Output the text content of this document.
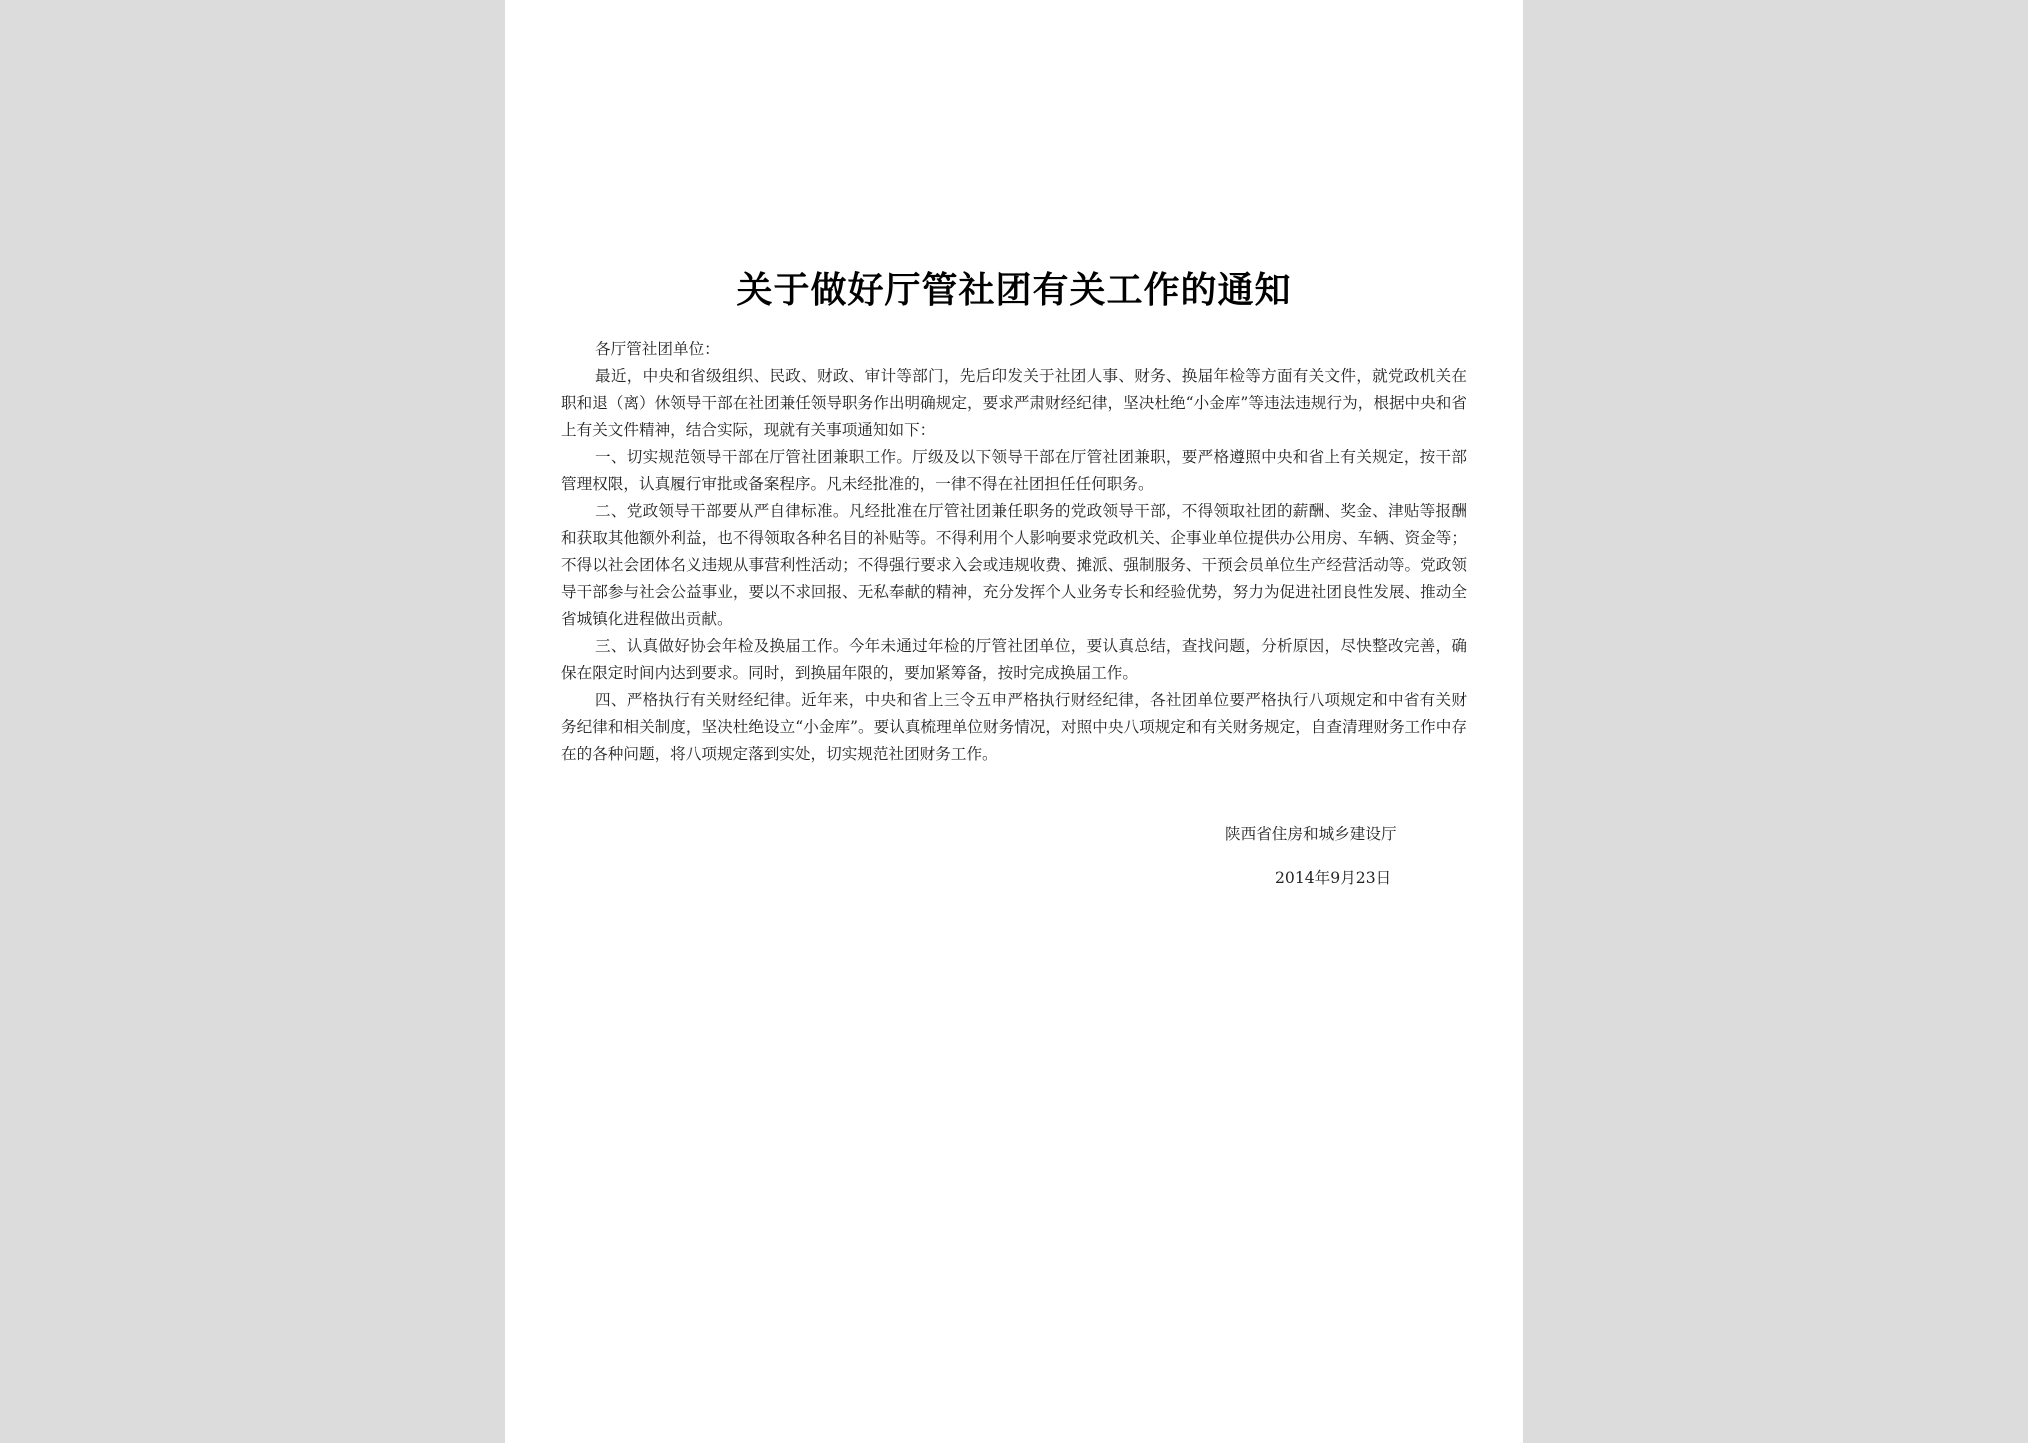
关于做好厅管社团有关工作的通知

各厅管社团单位：

最近，中央和省级组织、民政、财政、审计等部门，先后印发关于社团人事、财务、换届年检等方面有关文件，就党政机关在职和退（离）休领导干部在社团兼任领导职务作出明确规定，要求严肃财经纪律，坚决杜绝“小金库”等违法违规行为，根据中央和省上有关文件精神，结合实际，现就有关事项通知如下：

一、切实规范领导干部在厅管社团兼职工作。厅级及以下领导干部在厅管社团兼职，要严格遵照中央和省上有关规定，按干部管理权限，认真履行审批或备案程序。凡未经批准的，一律不得在社团担任任何职务。

二、党政领导干部要从严自律标准。凡经批准在厅管社团兼任职务的党政领导干部，不得领取社团的薪酬、奖金、津贴等报酬和获取其他额外利益，也不得领取各种名目的补贴等。不得利用个人影响要求党政机关、企事业单位提供办公用房、车辆、资金等；不得以社会团体名义违规从事营利性活动；不得强行要求入会或违规收费、摊派、强制服务、干预会员单位生产经营活动等。党政领导干部参与社会公益事业，要以不求回报、无私奉献的精神，充分发挥个人业务专长和经验优势，努力为促进社团良性发展、推动全省城镇化进程做出贡献。

三、认真做好协会年检及换届工作。今年未通过年检的厅管社团单位，要认真总结，查找问题，分析原因，尽快整改完善，确保在限定时间内达到要求。同时，到换届年限的，要加紧筹备，按时完成换届工作。

四、严格执行有关财经纪律。近年来，中央和省上三令五申严格执行财经纪律，各社团单位要严格执行八项规定和中省有关财务纪律和相关制度，坚决杜绝设立“小金库”。要认真梳理单位财务情况，对照中央八项规定和有关财务规定，自查清理财务工作中存在的各种问题，将八项规定落到实处，切实规范社团财务工作。

陕西省住房和城乡建设厅

2014年9月23日
